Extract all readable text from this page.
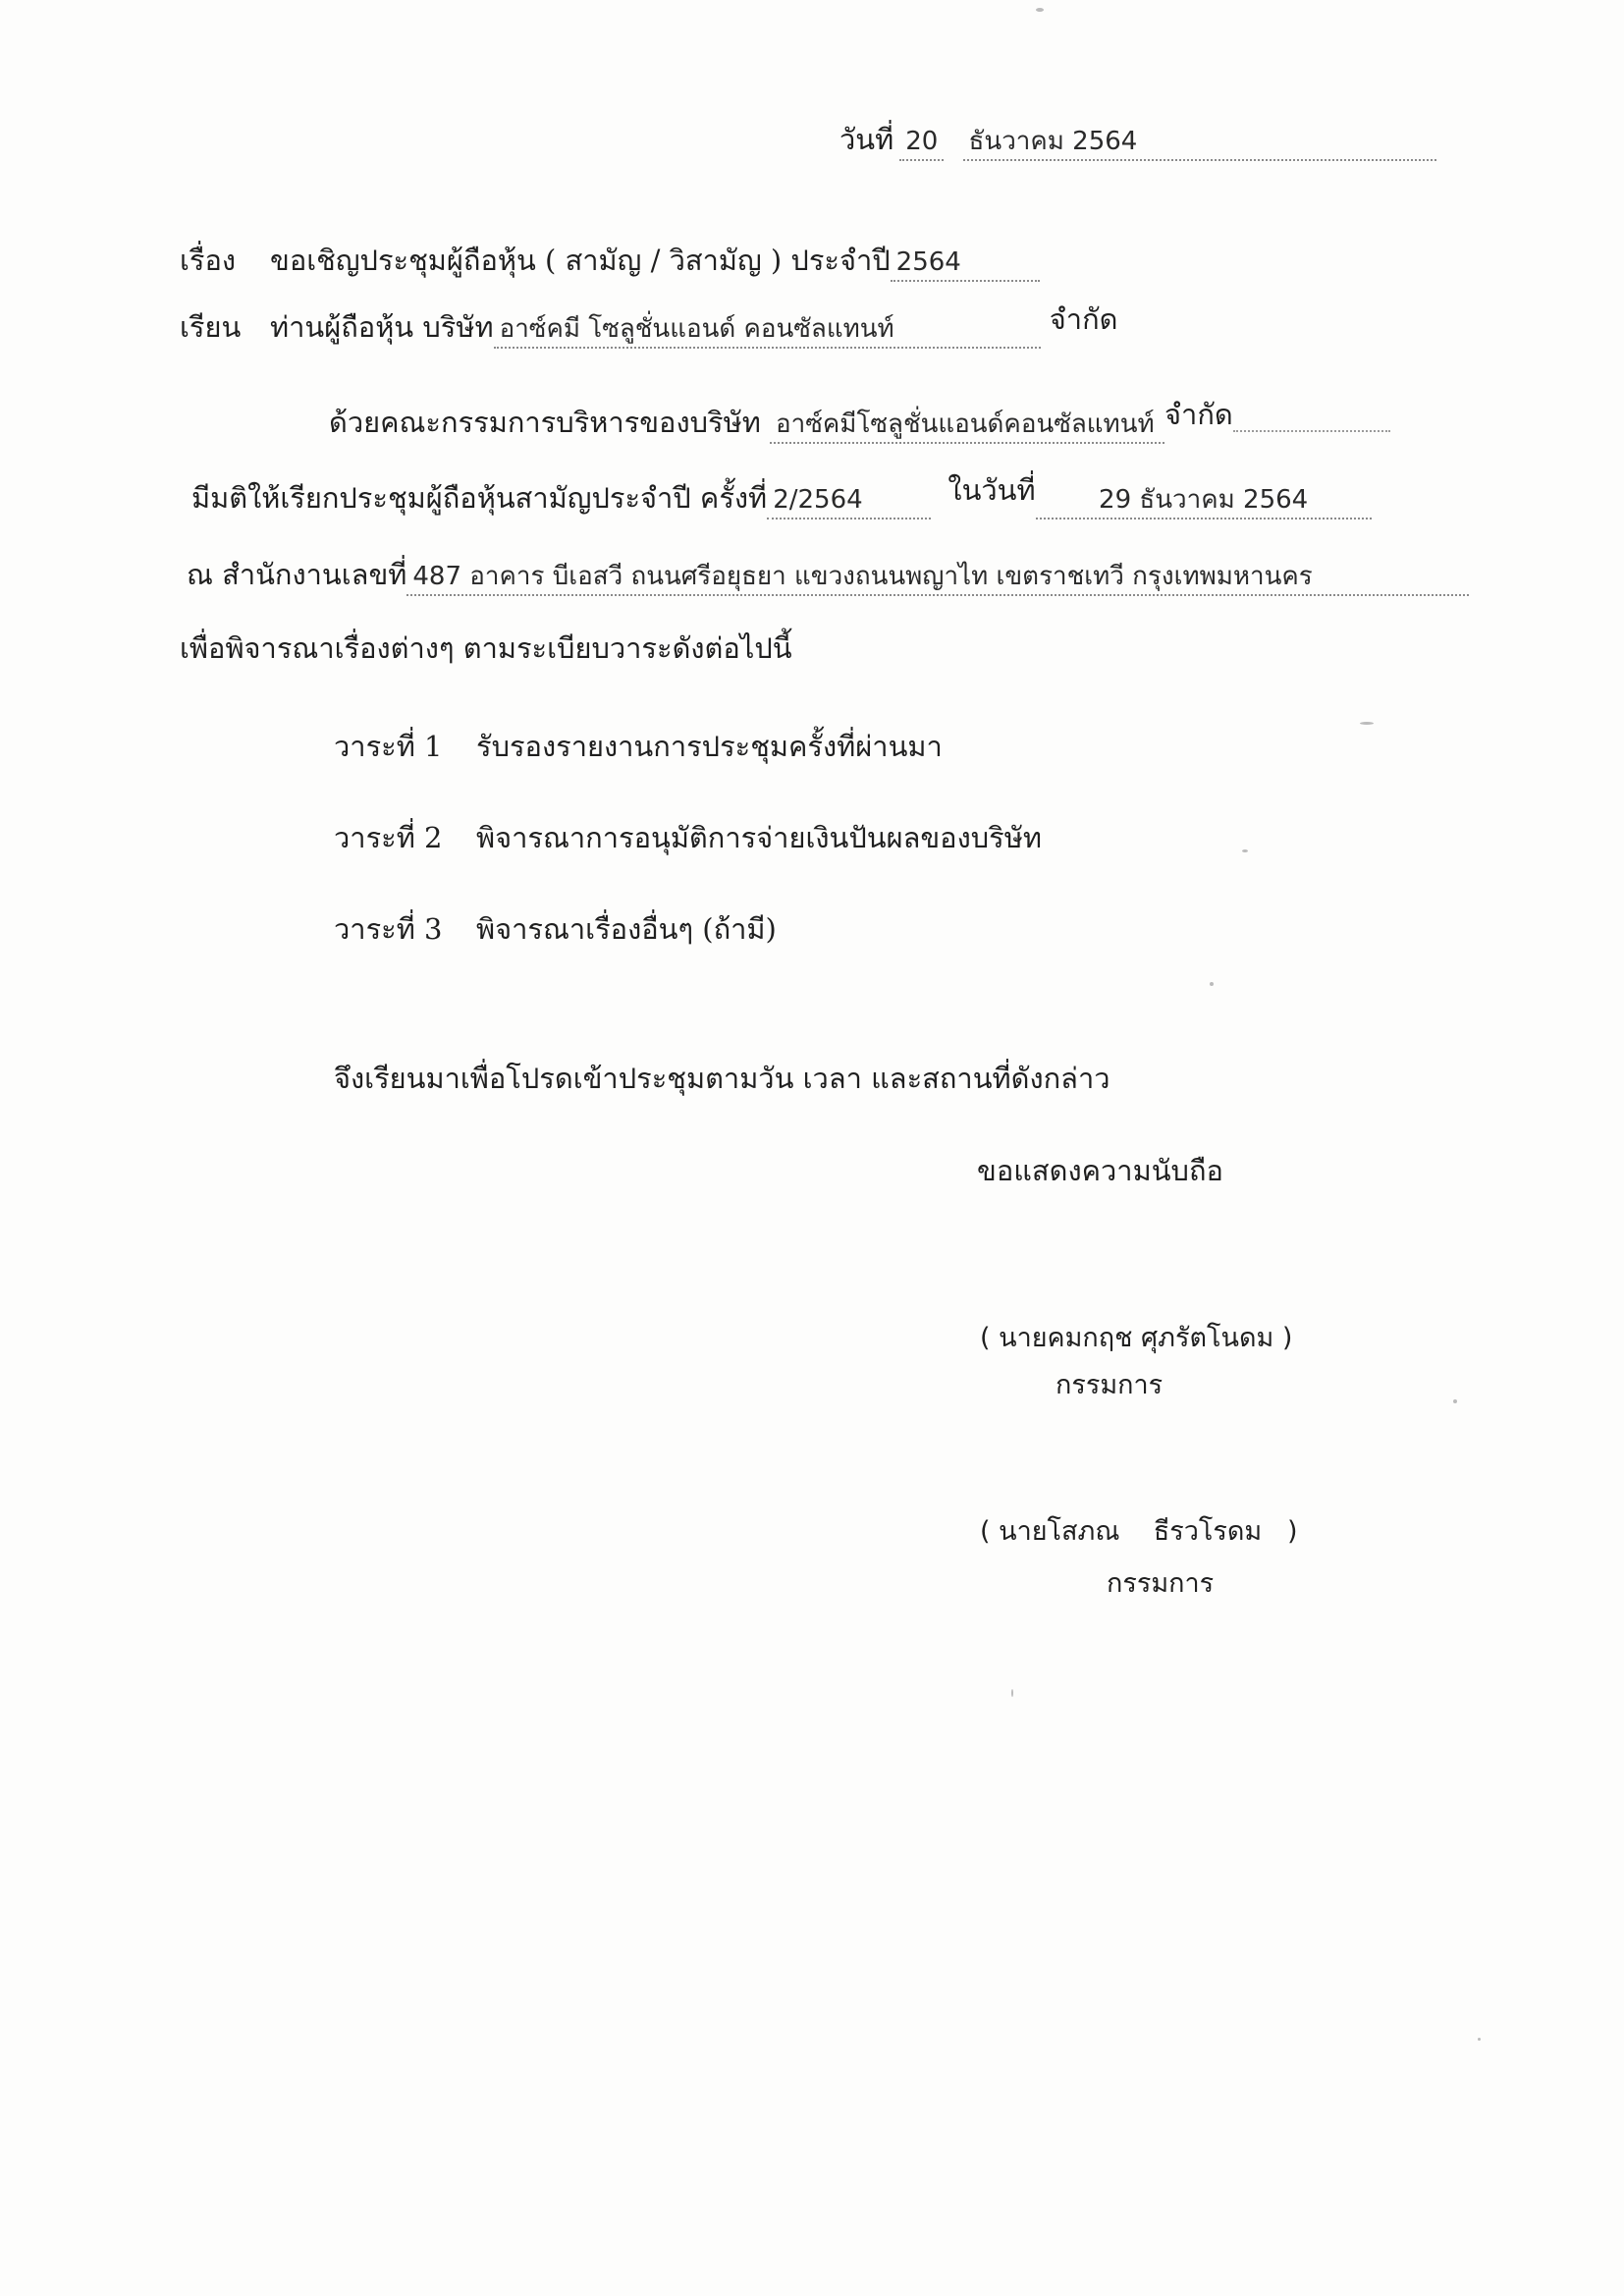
วันที่ 20 ธันวาคม 2564
เรื่อง ขอเชิญประชุมผู้ถือหุ้น ( สามัญ / วิสามัญ ) ประจำปี 2564
เรียน ท่านผู้ถือหุ้น บริษัท อาซ์คมี โซลูชั่นแอนด์ คอนซัลแทนท์	จำกัด
ด้วยคณะกรรมการบริหารของบริษัท อาซ์คมีโซลูชั่นแอนด์คอนซัลแทนท์ จำกัด
มีมติให้เรียกประชุมผู้ถือหุ้นสามัญประจำปี ครั้งที่ 2/2564	ในวันที่ 29 ธันวาคม 2564
ณ สำนักงานเลขที่ 487 อาคาร บีเอสวี ถนนศรีอยุธยา แขวงถนนพญาไท เขตราชเทวี กรุงเทพมหานคร
เพื่อพิจารณาเรื่องต่างๆ ตามระเบียบวาระดังต่อไปนี้
วาระที่ 1 รับรองรายงานการประชุมครั้งที่ผ่านมา
วาระที่ 2 พิจารณาการอนุมัติการจ่ายเงินปันผลของบริษัท
วาระที่ 3 พิจารณาเรื่องอื่นๆ (ถ้ามี)
จึงเรียนมาเพื่อโปรดเข้าประชุมตามวัน เวลา และสถานที่ดังกล่าว
ขอแสดงความนับถือ
( นายคมกฤช ศุภรัตโนดม )
กรรมการ
( นายโสภณ    ธีรวโรดม   )
กรรมการ
